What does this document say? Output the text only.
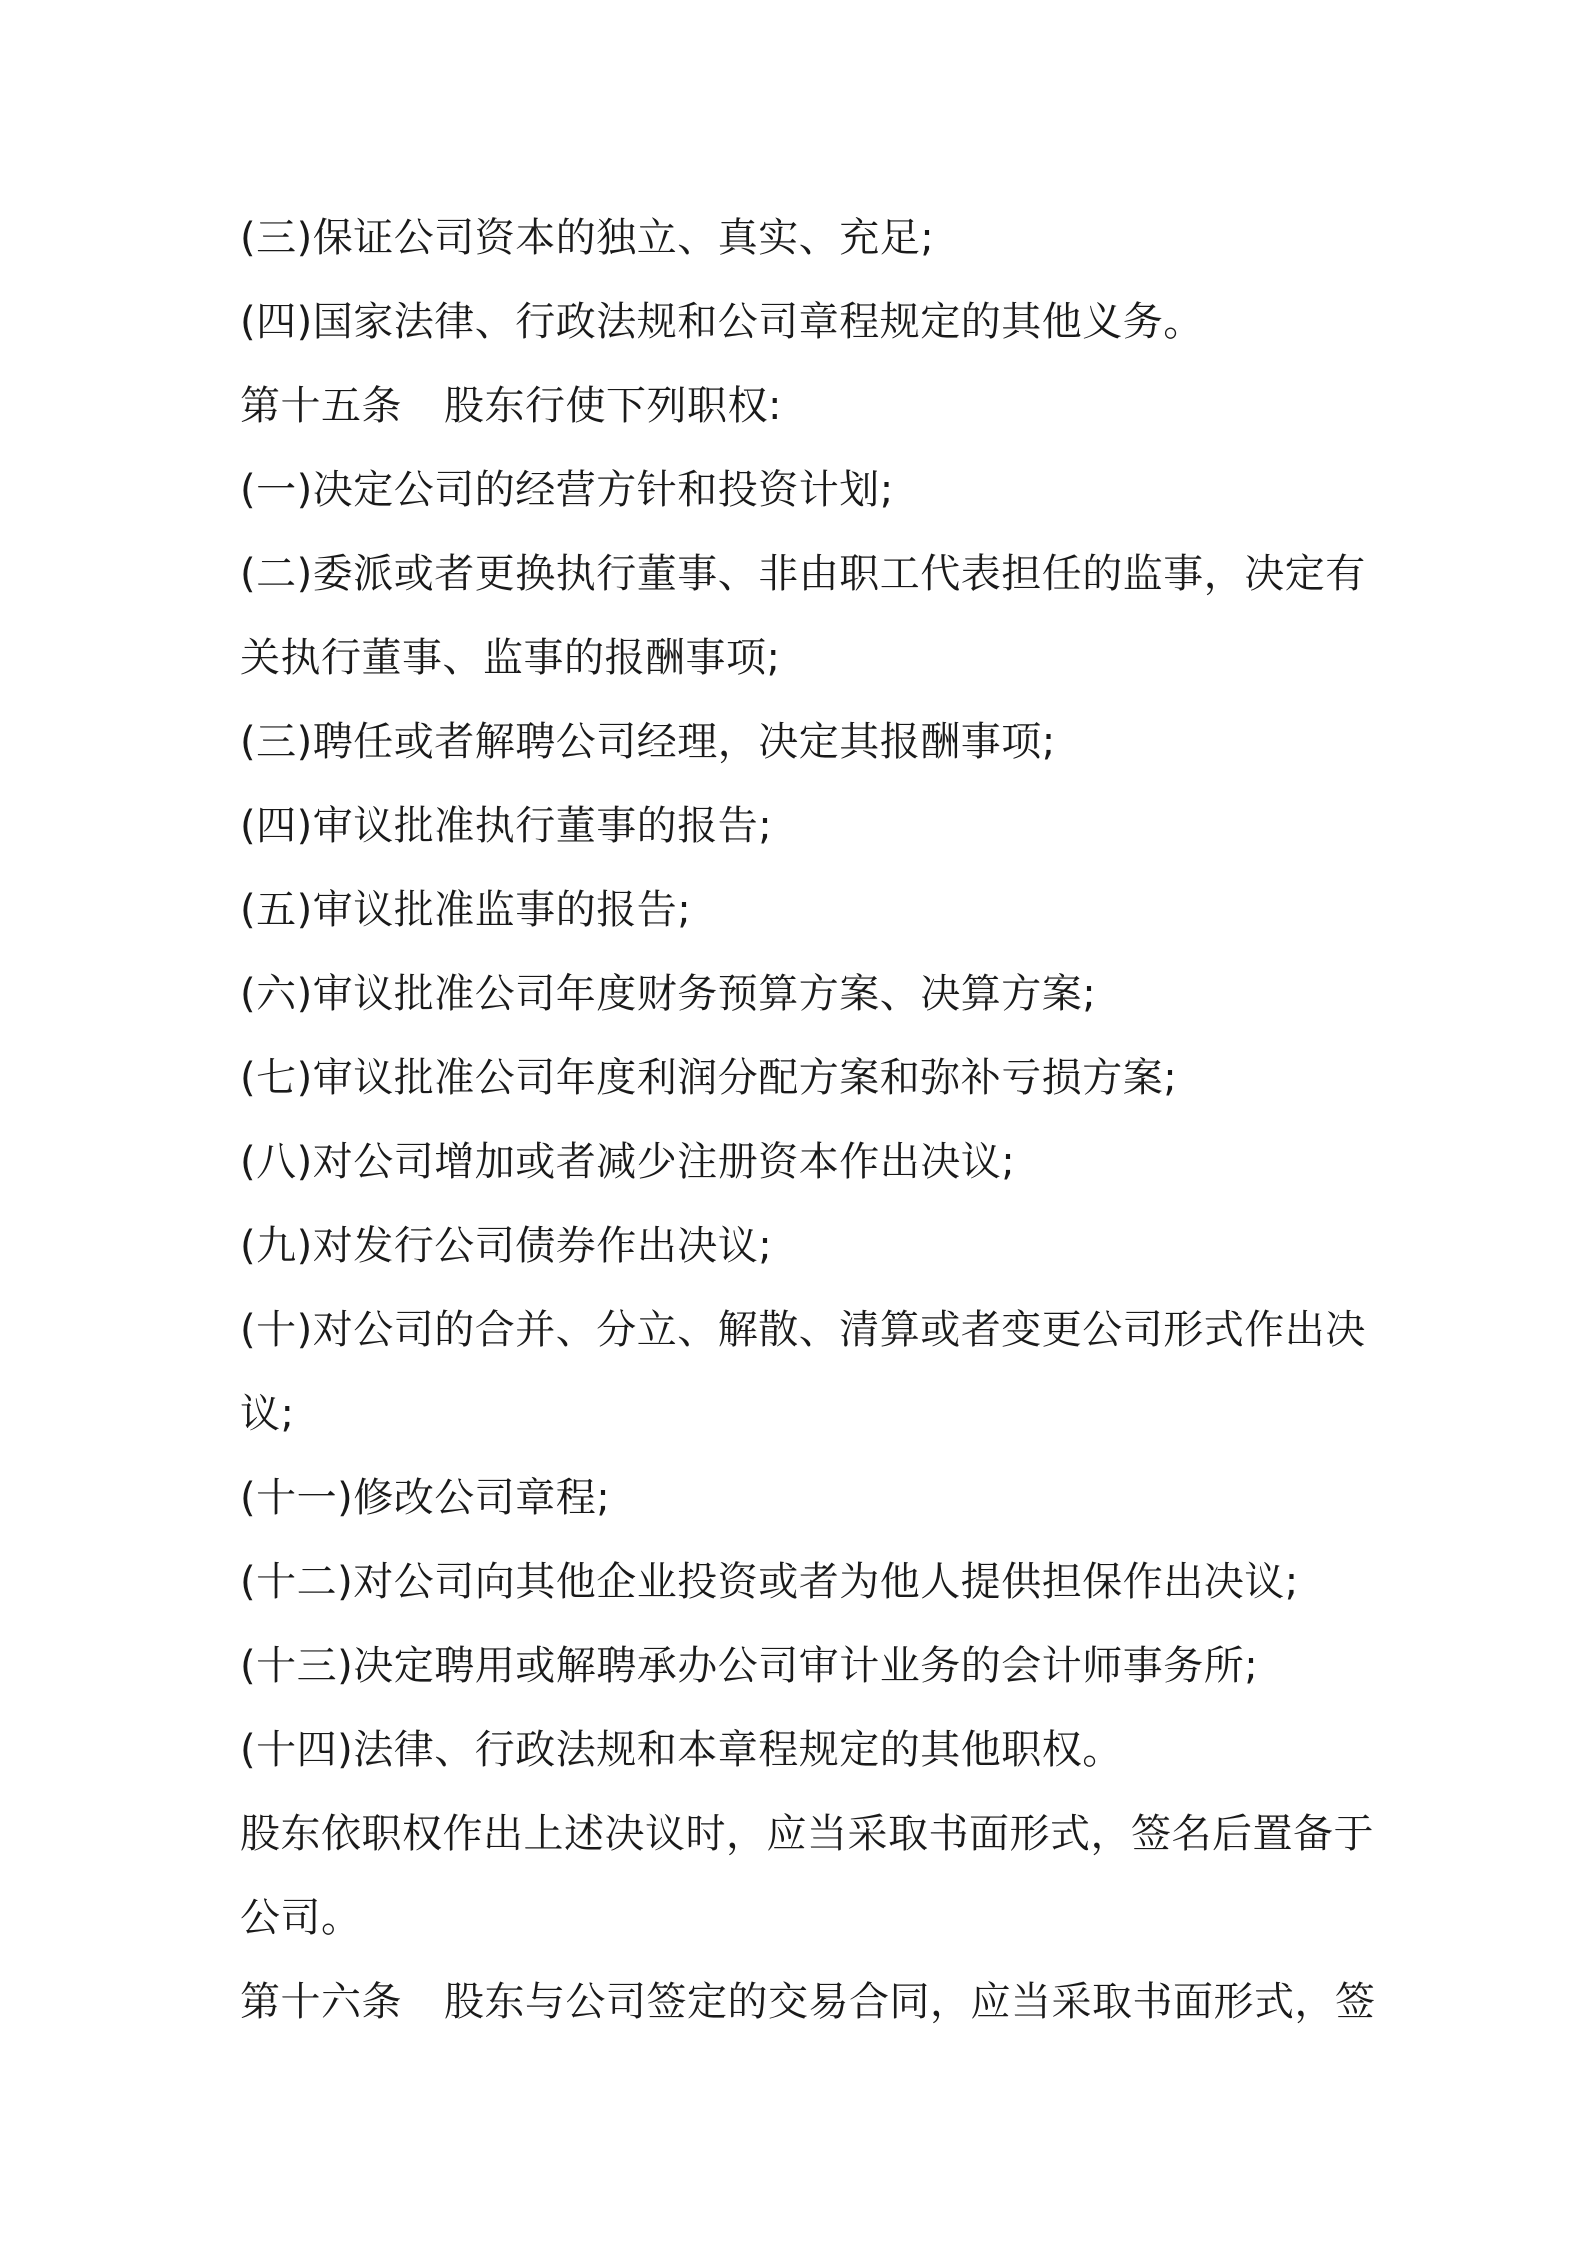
(三)保证公司资本的独立、真实、充足;
(四)国家法律、行政法规和公司章程规定的其他义务。
第十五条 股东行使下列职权:
(一)决定公司的经营方针和投资计划;
(二)委派或者更换执行董事、非由职工代表担任的监事，决定有
关执行董事、监事的报酬事项;
(三)聘任或者解聘公司经理，决定其报酬事项;
(四)审议批准执行董事的报告;
(五)审议批准监事的报告;
(六)审议批准公司年度财务预算方案、决算方案;
(七)审议批准公司年度利润分配方案和弥补亏损方案;
(八)对公司增加或者减少注册资本作出决议;
(九)对发行公司债券作出决议;
(十)对公司的合并、分立、解散、清算或者变更公司形式作出决
议;
(十一)修改公司章程;
(十二)对公司向其他企业投资或者为他人提供担保作出决议;
(十三)决定聘用或解聘承办公司审计业务的会计师事务所;
(十四)法律、行政法规和本章程规定的其他职权。
股东依职权作出上述决议时，应当采取书面形式，签名后置备于
公司。
第十六条 股东与公司签定的交易合同，应当采取书面形式，签
